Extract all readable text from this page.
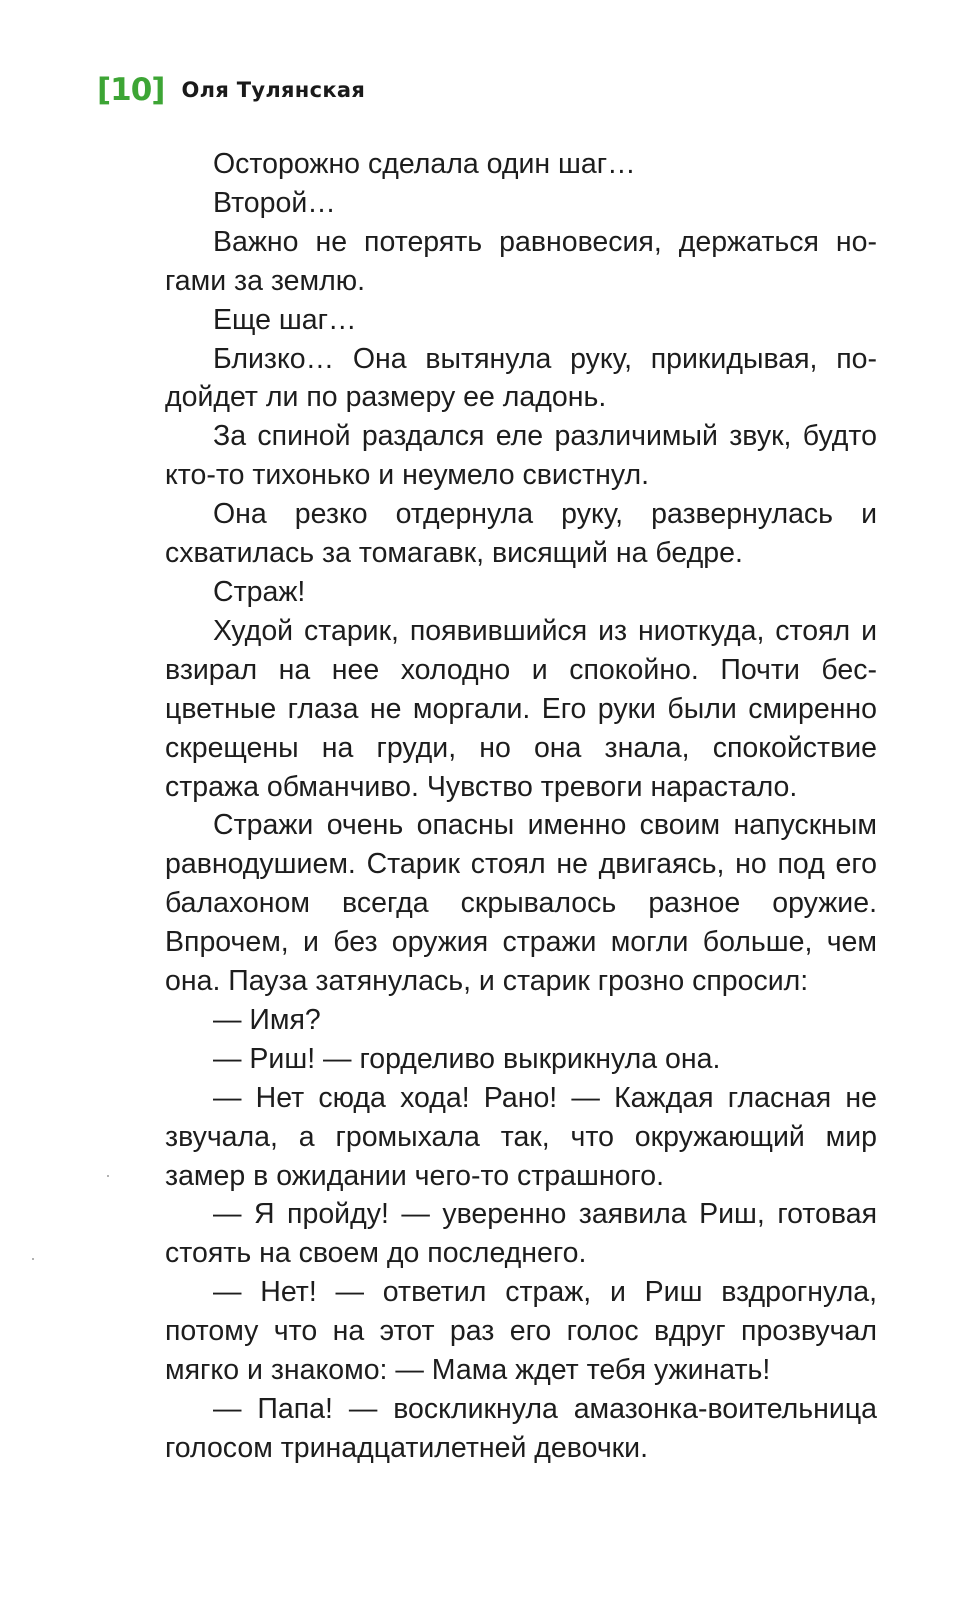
[10] Оля Тулянская

Осторожно сделала один шаг…

Второй…

Важно не потерять равновесия, держаться ногами за землю.

Еще шаг…

Близко… Она вытянула руку, прикидывая, подойдет ли по размеру ее ладонь.

За спиной раздался еле различимый звук, будто кто-то тихонько и неумело свистнул.

Она резко отдернула руку, развернулась и схватилась за томагавк, висящий на бедре.

Страж!

Худой старик, появившийся из ниоткуда, стоял и взирал на нее холодно и спокойно. Почти бесцветные глаза не моргали. Его руки были смиренно скрещены на груди, но она знала, спокойствие стража обманчиво. Чувство тревоги нарастало.

Стражи очень опасны именно своим напускным равнодушием. Старик стоял не двигаясь, но под его балахоном всегда скрывалось разное оружие. Впрочем, и без оружия стражи могли больше, чем она. Пауза затянулась, и старик грозно спросил:

— Имя?

— Риш! — горделиво выкрикнула она.

— Нет сюда хода! Рано! — Каждая гласная не звучала, а громыхала так, что окружающий мир замер в ожидании чего-то страшного.

— Я пройду! — уверенно заявила Риш, готовая стоять на своем до последнего.

— Нет! — ответил страж, и Риш вздрогнула, потому что на этот раз его голос вдруг прозвучал мягко и знакомо: — Мама ждет тебя ужинать!

— Папа! — воскликнула амазонка-воительница голосом тринадцатилетней девочки.
